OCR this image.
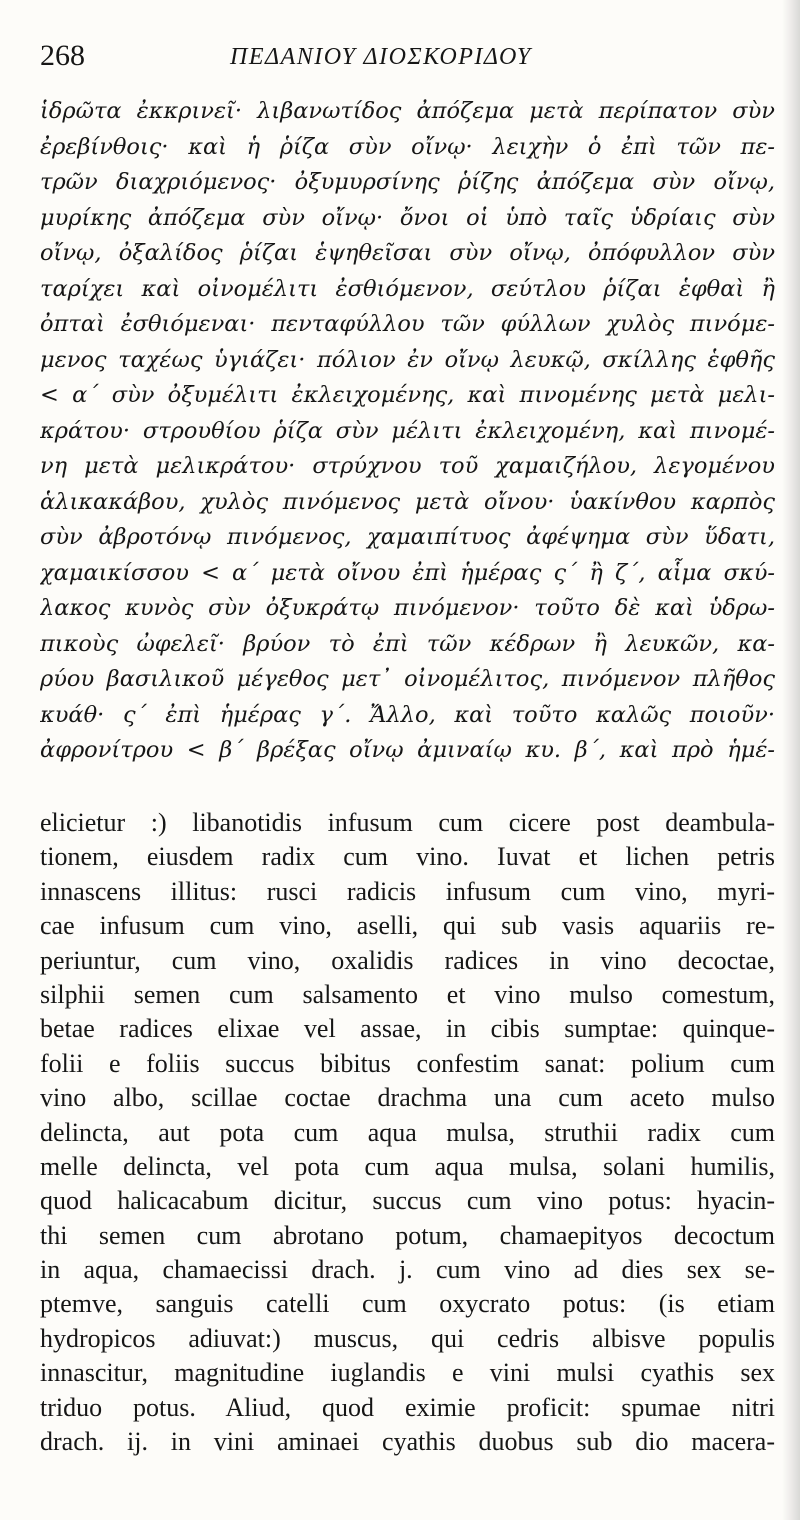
268	ΠΕΔΑΝΙΟΥ ΔΙΟΣΚΟΡΙΔΟΥ
ἱδρῶτα ἐκκρινεῖ· λιβανωτίδος ἀπόζεμα μετὰ περίπατον σὺν
ἐρεβίνθοις· καὶ ἡ ῥίζα σὺν οἴνῳ· λειχὴν ὁ ἐπὶ τῶν πε-
τρῶν διαχριόμενος· ὀξυμυρσίνης ῥίζης ἀπόζεμα σὺν οἴνῳ,
μυρίκης ἀπόζεμα σὺν οἴνῳ· ὄνοι οἱ ὑπὸ ταῖς ὑδρίαις σὺν
οἴνῳ, ὀξαλίδος ῥίζαι ἑψηθεῖσαι σὺν οἴνῳ, ὀπόφυλλον σὺν
ταρίχει καὶ οἰνομέλιτι ἐσθιόμενον, σεύτλου ῥίζαι ἑφθαὶ ἢ
ὀπταὶ ἐσθιόμεναι· πενταφύλλου τῶν φύλλων χυλὸς πινόμε-
μενος ταχέως ὑγιάζει· πόλιον ἐν οἴνῳ λευκῷ, σκίλλης ἑφθῆς
< α΄ σὺν ὀξυμέλιτι ἐκλειχομένης, καὶ πινομένης μετὰ μελι-
κράτου· στρουθίου ῥίζα σὺν μέλιτι ἐκλειχομένη, καὶ πινομέ-
νη μετὰ μελικράτου· στρύχνου τοῦ χαμαιζήλου, λεγομένου
ἁλικακάβου, χυλὸς πινόμενος μετὰ οἴνου· ὑακίνθου καρπὸς
σὺν ἀβροτόνῳ πινόμενος, χαμαιπίτυος ἀφέψημα σὺν ὕδατι,
χαμαικίσσου < α΄ μετὰ οἴνου ἐπὶ ἡμέρας ς΄ ἢ ζ΄, αἷμα σκύ-
λακος κυνὸς σὺν ὀξυκράτῳ πινόμενον· τοῦτο δὲ καὶ ὑδρω-
πικοὺς ὠφελεῖ· βρύον τὸ ἐπὶ τῶν κέδρων ἢ λευκῶν, κα-
ρύου βασιλικοῦ μέγεθος μετ᾽ οἰνομέλιτος, πινόμενον πλῆθος
κυάθ· ς΄ ἐπὶ ἡμέρας γ΄. Ἄλλο, καὶ τοῦτο καλῶς ποιοῦν·
ἀφρονίτρου < β΄ βρέξας οἴνῳ ἀμιναίῳ κυ. β΄, καὶ πρὸ ἡμέ-
elicietur :) libanotidis infusum cum cicere post deambula-
tionem, eiusdem radix cum vino. Iuvat et lichen petris
innascens illitus: rusci radicis infusum cum vino, myri-
cae infusum cum vino, aselli, qui sub vasis aquariis re-
periuntur, cum vino, oxalidis radices in vino decoctae,
silphii semen cum salsamento et vino mulso comestum,
betae radices elixae vel assae, in cibis sumptae: quinque-
folii e foliis succus bibitus confestim sanat: polium cum
vino albo, scillae coctae drachma una cum aceto mulso
delincta, aut pota cum aqua mulsa, struthii radix cum
melle delincta, vel pota cum aqua mulsa, solani humilis,
quod halicacabum dicitur, succus cum vino potus: hyacin-
thi semen cum abrotano potum, chamaepityos decoctum
in aqua, chamaecissi drach. j. cum vino ad dies sex se-
ptemve, sanguis catelli cum oxycrato potus: (is etiam
hydropicos adiuvat:) muscus, qui cedris albisve populis
innascitur, magnitudine iuglandis e vini mulsi cyathis sex
triduo potus. Aliud, quod eximie proficit: spumae nitri
drach. ij. in vini aminaei cyathis duobus sub dio macera-
